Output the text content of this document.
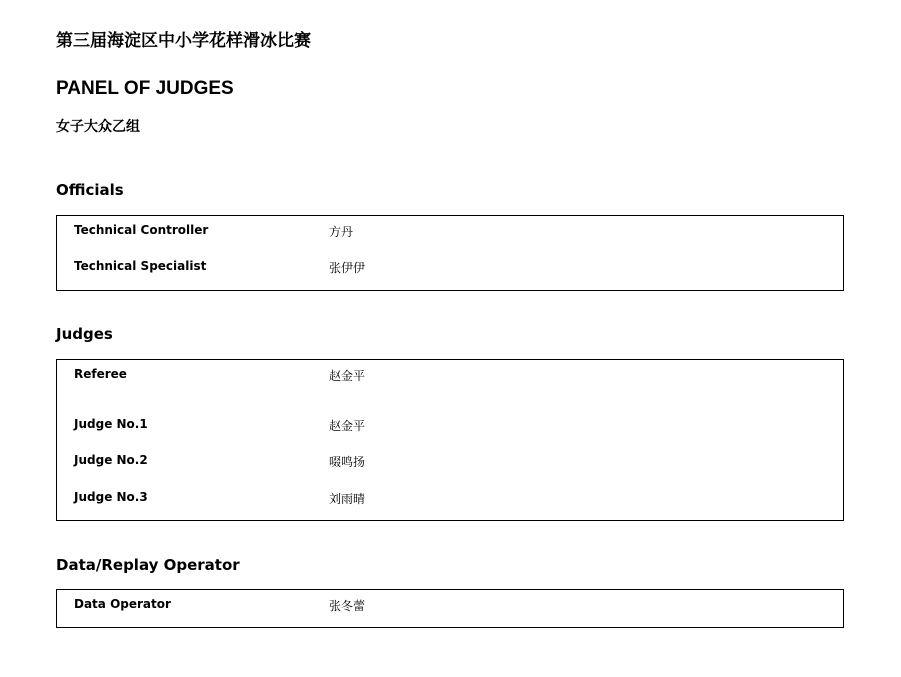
第三届海淀区中小学花样滑冰比赛
PANEL OF JUDGES
女子大众乙组
Officials
Technical Controller	方丹
Technical Specialist	张伊伊
Judges
Referee	赵金平
Judge No.1	赵金平
Judge No.2	啜鸣扬
Judge No.3	刘雨晴
Data/Replay Operator
Data Operator	张冬蕾
